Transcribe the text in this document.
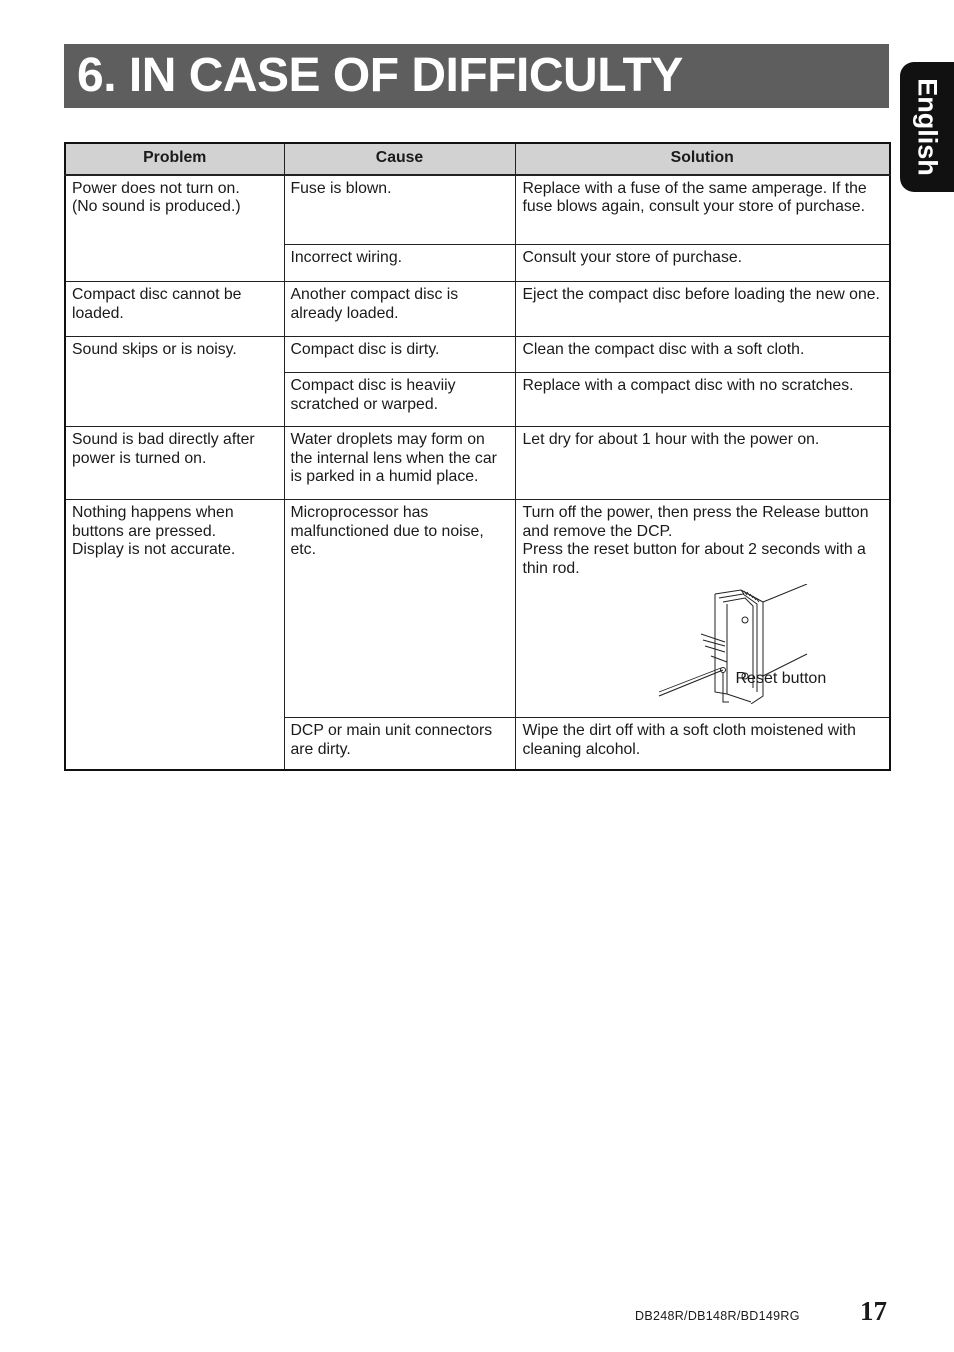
6. IN CASE OF DIFFICULTY
English
Problem	Cause	Solution

Power does not turn on.
(No sound is produced.)	Fuse is blown.	Replace with a fuse of the same amperage. If the fuse blows again, consult your store of purchase.

	Incorrect wiring.	Consult your store of purchase.

Compact disc cannot be loaded.	Another compact disc is already loaded.	Eject the compact disc before loading the new one.

Sound skips or is noisy.	Compact disc is dirty.	Clean the compact disc with a soft cloth.

	Compact disc is heaviiy scratched or warped.	Replace with a compact disc with no scratches.

Sound is bad directly after power is turned on.	Water droplets may form on the internal lens when the car is parked in a humid place.	Let dry for about 1 hour with the power on.

Nothing happens when buttons are pressed.
Display is not accurate.	Microprocessor has malfunctioned due to noise, etc.	Turn off the power, then press the Release button and remove the DCP.
Press the reset button for about 2 seconds with a thin rod.
Reset button

	DCP or main unit connectors are dirty.	Wipe the dirt off with a soft cloth moistened with cleaning alcohol.
DB248R/DB148R/BD149RG 17
